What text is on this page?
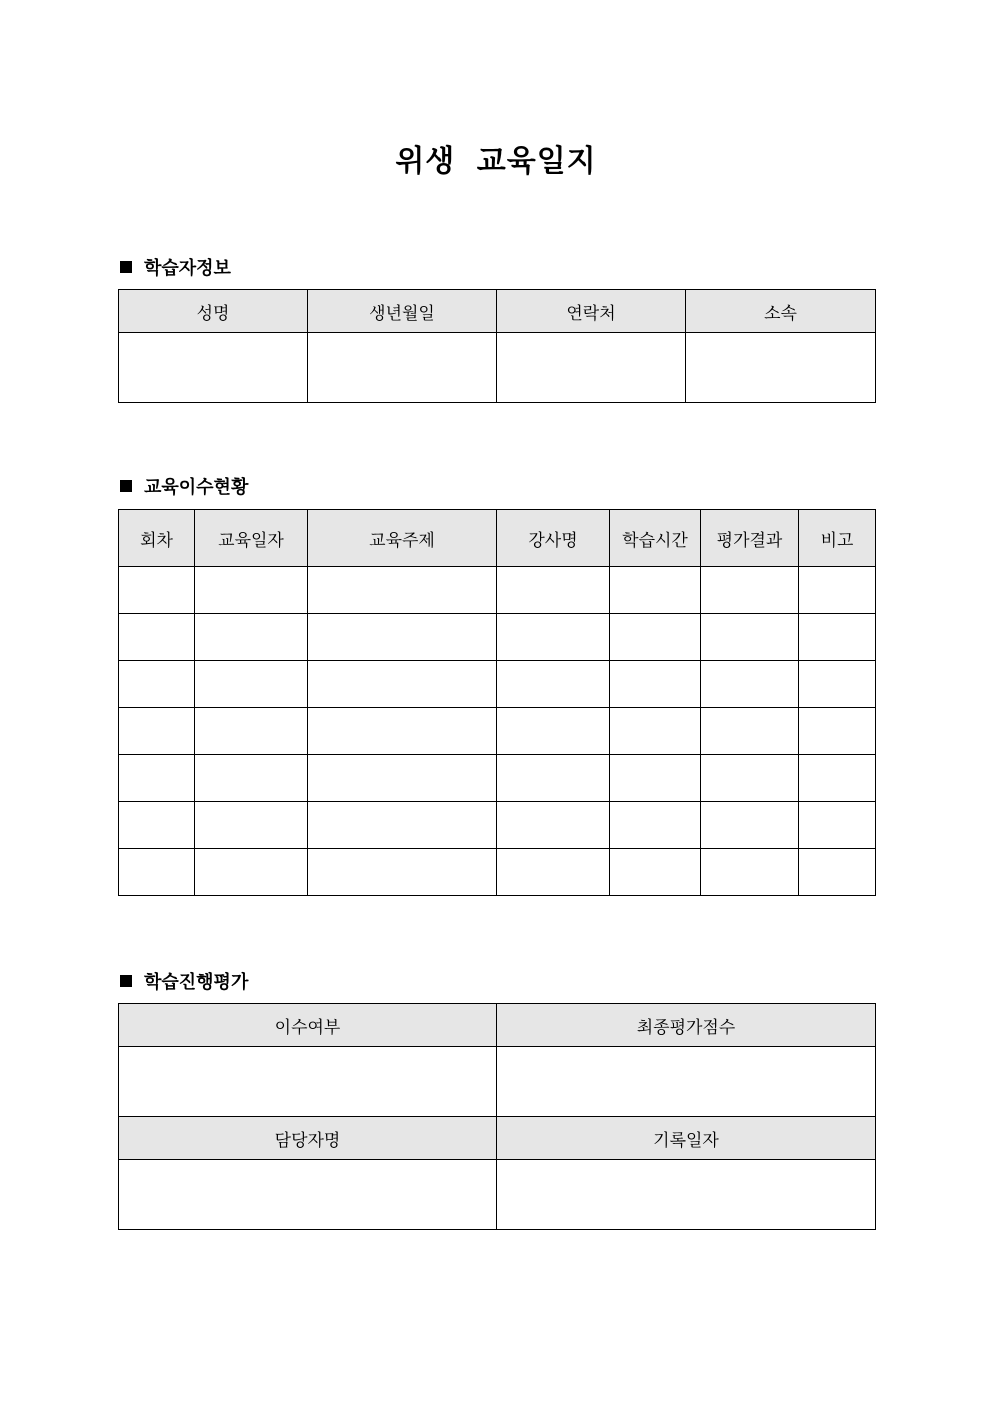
위생 교육일지
학습자정보
성명	생년월일	연락처	소속

교육이수현황
회차	교육일자	교육주제	강사명	학습시간	평가결과	비고

학습진행평가
이수여부	최종평가점수

담당자명	기록일자
